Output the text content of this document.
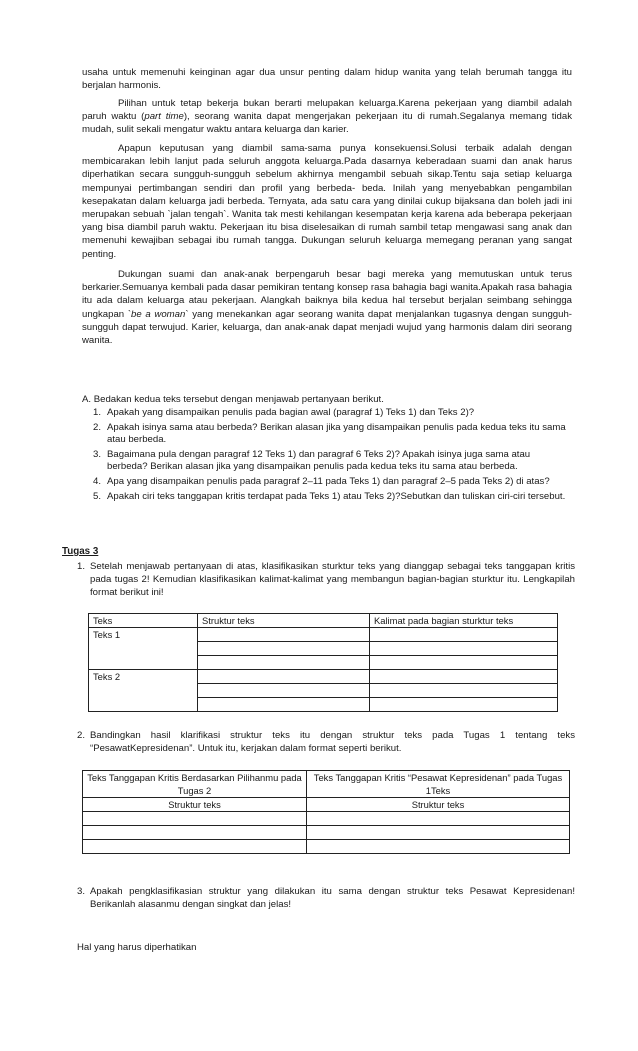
usaha untuk memenuhi keinginan agar dua unsur penting dalam hidup wanita yang telah berumah tangga itu berjalan harmonis.

Pilihan untuk tetap bekerja bukan berarti melupakan keluarga.Karena pekerjaan yang diambil adalah paruh waktu (part time), seorang wanita dapat mengerjakan pekerjaan itu di rumah.Segalanya memang tidak mudah, sulit sekali mengatur waktu antara keluarga dan karier.

Apapun keputusan yang diambil sama-sama punya konsekuensi.Solusi terbaik adalah dengan membicarakan lebih lanjut pada seluruh anggota keluarga.Pada dasarnya keberadaan suami dan anak harus diperhatikan secara sungguh-sungguh sebelum akhirnya mengambil sebuah sikap.Tentu saja setiap keluarga mempunyai pertimbangan sendiri dan profil yang berbeda- beda. Inilah yang menyebabkan pengambilan kesepakatan dalam keluarga jadi berbeda. Ternyata, ada satu cara yang dinilai cukup bijaksana dan boleh jadi ini merupakan sebuah `jalan tengah`. Wanita tak mesti kehilangan kesempatan kerja karena ada beberapa pekerjaan yang bisa diambil paruh waktu. Pekerjaan itu bisa diselesaikan di rumah sambil tetap mengawasi sang anak dan memenuhi kewajiban sebagai ibu rumah tangga. Dukungan seluruh keluarga memegang peranan yang sangat penting.

Dukungan suami dan anak-anak berpengaruh besar bagi mereka yang memutuskan untuk terus berkarier.Semuanya kembali pada dasar pemikiran tentang konsep rasa bahagia bagi wanita.Apakah rasa bahagia itu ada dalam keluarga atau pekerjaan. Alangkah baiknya bila kedua hal tersebut berjalan seimbang sehingga ungkapan `be a woman` yang menekankan agar seorang wanita dapat menjalankan tugasnya dengan sungguh-sungguh dapat terwujud. Karier, keluarga, dan anak-anak dapat menjadi wujud yang harmonis dalam diri seorang wanita.

A. Bedakan kedua teks tersebut dengan menjawab pertanyaan berikut.

1. Apakah yang disampaikan penulis pada bagian awal (paragraf 1) Teks 1) dan Teks 2)?
2. Apakah isinya sama atau berbeda? Berikan alasan jika yang disampaikan penulis pada kedua teks itu sama atau berbeda.
3. Bagaimana pula dengan paragraf 12 Teks 1) dan paragraf 6 Teks 2)? Apakah isinya juga sama atau berbeda? Berikan alasan jika yang disampaikan penulis pada kedua teks itu sama atau berbeda.
4. Apa yang disampaikan penulis pada paragraf 2–11 pada Teks 1) dan paragraf 2–5 pada Teks 2) di atas?
5. Apakah ciri teks tanggapan kritis terdapat pada Teks 1) atau Teks 2)?Sebutkan dan tuliskan ciri-ciri tersebut.

Tugas 3

1. Setelah menjawab pertanyaan di atas, klasifikasikan sturktur teks yang dianggap sebagai teks tanggapan kritis pada tugas 2! Kemudian klasifikasikan kalimat-kalimat yang membangun bagian-bagian sturktur itu. Lengkapilah format berikut ini!
Teks	Struktur teks	Kalimat pada bagian sturktur teks
Teks 1		

Teks 2		

2. Bandingkan hasil klarifikasi struktur teks itu dengan struktur teks pada Tugas 1 tentang teks “PesawatKepresidenan”. Untuk itu, kerjakan dalam format seperti berikut.
Teks Tanggapan Kritis Berdasarkan Pilihanmu pada Tugas 2	Teks Tanggapan Kritis “Pesawat Kepresidenan” pada Tugas 1Teks
Struktur teks	Struktur teks

3. Apakah pengklasifikasian struktur yang dilakukan itu sama dengan struktur teks Pesawat Kepresidenan! Berikanlah alasanmu dengan singkat dan jelas!

Hal yang harus diperhatikan
